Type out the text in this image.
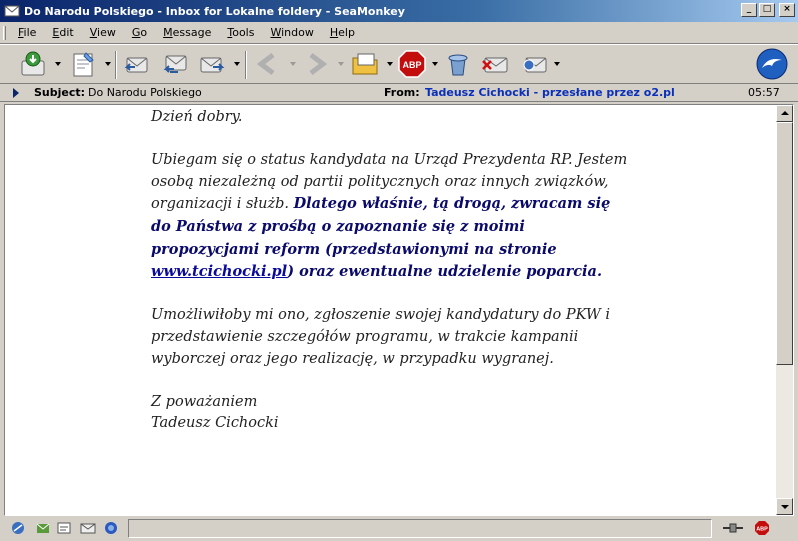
Do Narodu Polskiego - Inbox for Lokalne foldery - SeaMonkey	_	□	×
File	Edit	View	Go	Message	Tools	Window	Help
ABP
Subject: Do Narodu Polskiego	From: Tadeusz Cichocki - przesłane przez o2.pl	05:57

Dzień dobry.

Ubiegam się o status kandydata na Urząd Prezydenta RP. Jestem osobą niezależną od partii politycznych oraz innych związków, organizacji i służb. Dlatego właśnie, tą drogą, zwracam się do Państwa z prośbą o zapoznanie się z moimi propozycjami reform (przedstawionymi na stronie www.tcichocki.pl) oraz ewentualne udzielenie poparcia.

Umożliwiłoby mi ono, zgłoszenie swojej kandydatury do PKW i przedstawienie szczegółów programu, w trakcie kampanii wyborczej oraz jego realizację, w przypadku wygranej.

Z poważaniem
Tadeusz Cichocki
ABP
